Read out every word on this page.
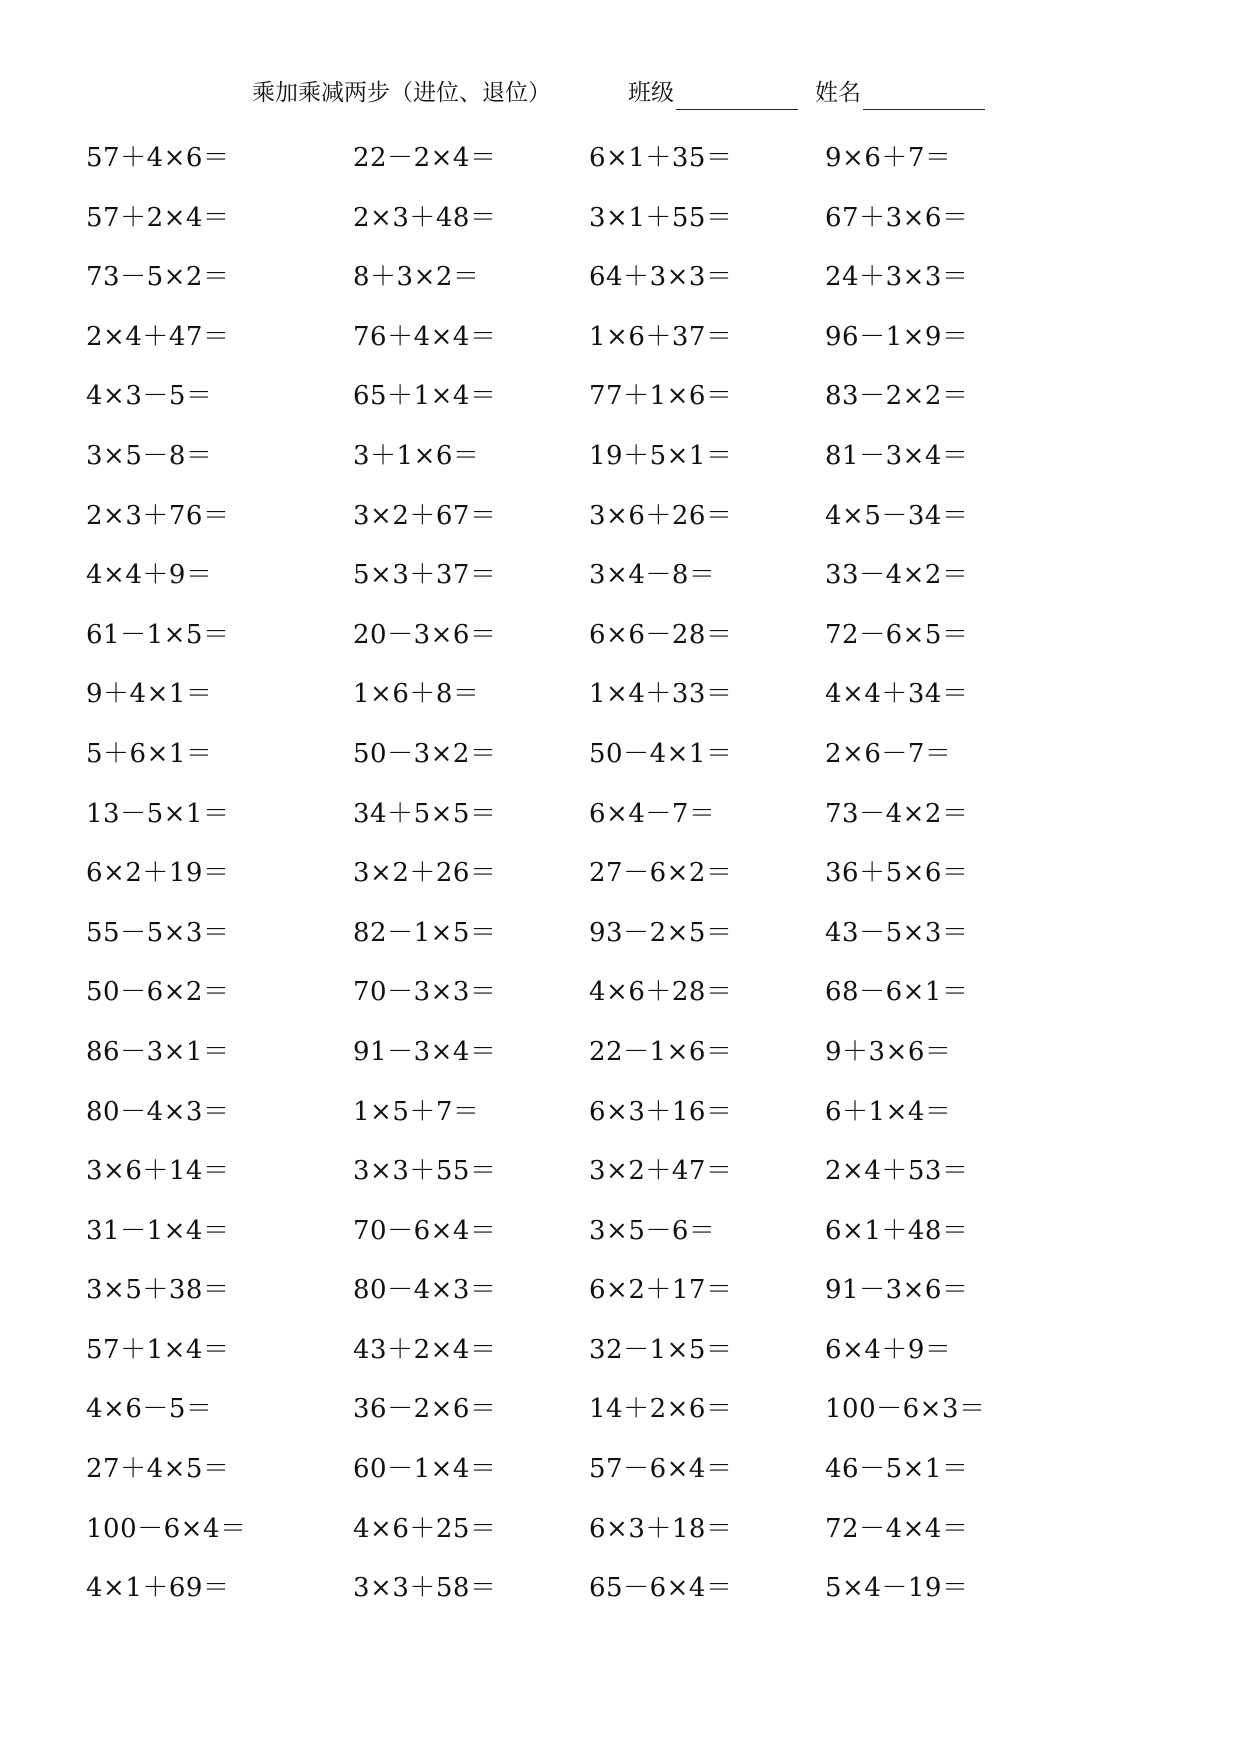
乘加乘减两步（进位、退位）	班级	姓名
57＋4×6＝	22－2×4＝	6×1＋35＝	9×6＋7＝
57＋2×4＝	2×3＋48＝	3×1＋55＝	67＋3×6＝
73－5×2＝	8＋3×2＝	64＋3×3＝	24＋3×3＝
2×4＋47＝	76＋4×4＝	1×6＋37＝	96－1×9＝
4×3－5＝	65＋1×4＝	77＋1×6＝	83－2×2＝
3×5－8＝	3＋1×6＝	19＋5×1＝	81－3×4＝
2×3＋76＝	3×2＋67＝	3×6＋26＝	4×5－34＝
4×4＋9＝	5×3＋37＝	3×4－8＝	33－4×2＝
61－1×5＝	20－3×6＝	6×6－28＝	72－6×5＝
9＋4×1＝	1×6＋8＝	1×4＋33＝	4×4＋34＝
5＋6×1＝	50－3×2＝	50－4×1＝	2×6－7＝
13－5×1＝	34＋5×5＝	6×4－7＝	73－4×2＝
6×2＋19＝	3×2＋26＝	27－6×2＝	36＋5×6＝
55－5×3＝	82－1×5＝	93－2×5＝	43－5×3＝
50－6×2＝	70－3×3＝	4×6＋28＝	68－6×1＝
86－3×1＝	91－3×4＝	22－1×6＝	9＋3×6＝
80－4×3＝	1×5＋7＝	6×3＋16＝	6＋1×4＝
3×6＋14＝	3×3＋55＝	3×2＋47＝	2×4＋53＝
31－1×4＝	70－6×4＝	3×5－6＝	6×1＋48＝
3×5＋38＝	80－4×3＝	6×2＋17＝	91－3×6＝
57＋1×4＝	43＋2×4＝	32－1×5＝	6×4＋9＝
4×6－5＝	36－2×6＝	14＋2×6＝	100－6×3＝
27＋4×5＝	60－1×4＝	57－6×4＝	46－5×1＝
100－6×4＝	4×6＋25＝	6×3＋18＝	72－4×4＝
4×1＋69＝	3×3＋58＝	65－6×4＝	5×4－19＝
